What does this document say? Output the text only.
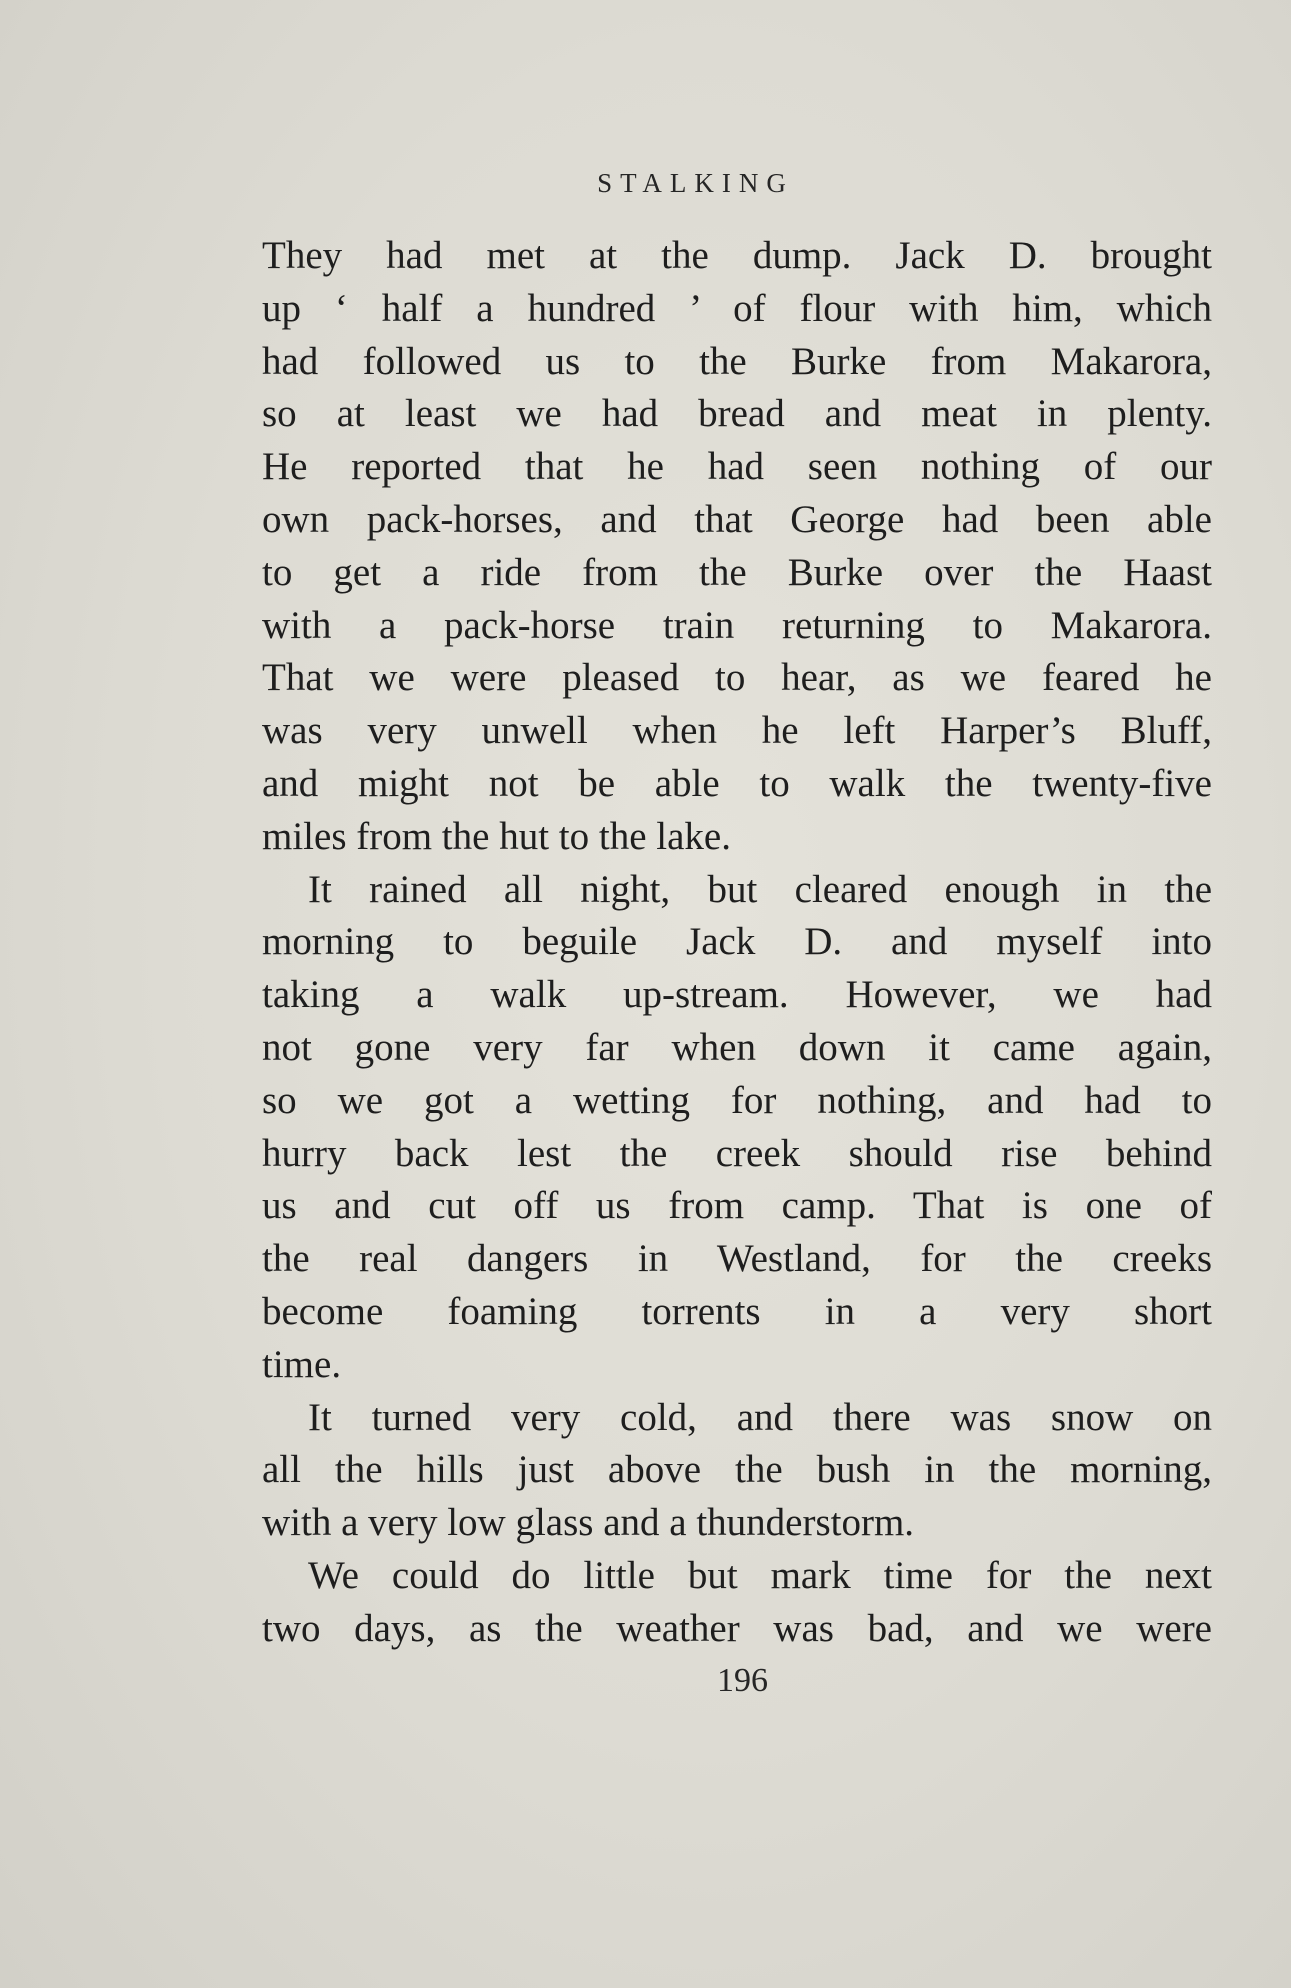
STALKING
They had met at the dump. Jack D. brought
up ‘ half a hundred ’ of flour with him, which
had followed us to the Burke from Makarora,
so at least we had bread and meat in plenty.
He reported that he had seen nothing of our
own pack-horses, and that George had been able
to get a ride from the Burke over the Haast
with a pack-horse train returning to Makarora.
That we were pleased to hear, as we feared he
was very unwell when he left Harper’s Bluff,
and might not be able to walk the twenty-five
miles from the hut to the lake.
It rained all night, but cleared enough in the
morning to beguile Jack D. and myself into
taking a walk up-stream. However, we had
not gone very far when down it came again,
so we got a wetting for nothing, and had to
hurry back lest the creek should rise behind
us and cut off us from camp. That is one of
the real dangers in Westland, for the creeks
become foaming torrents in a very short
time.
It turned very cold, and there was snow on
all the hills just above the bush in the morning,
with a very low glass and a thunderstorm.
We could do little but mark time for the next
two days, as the weather was bad, and we were
196
